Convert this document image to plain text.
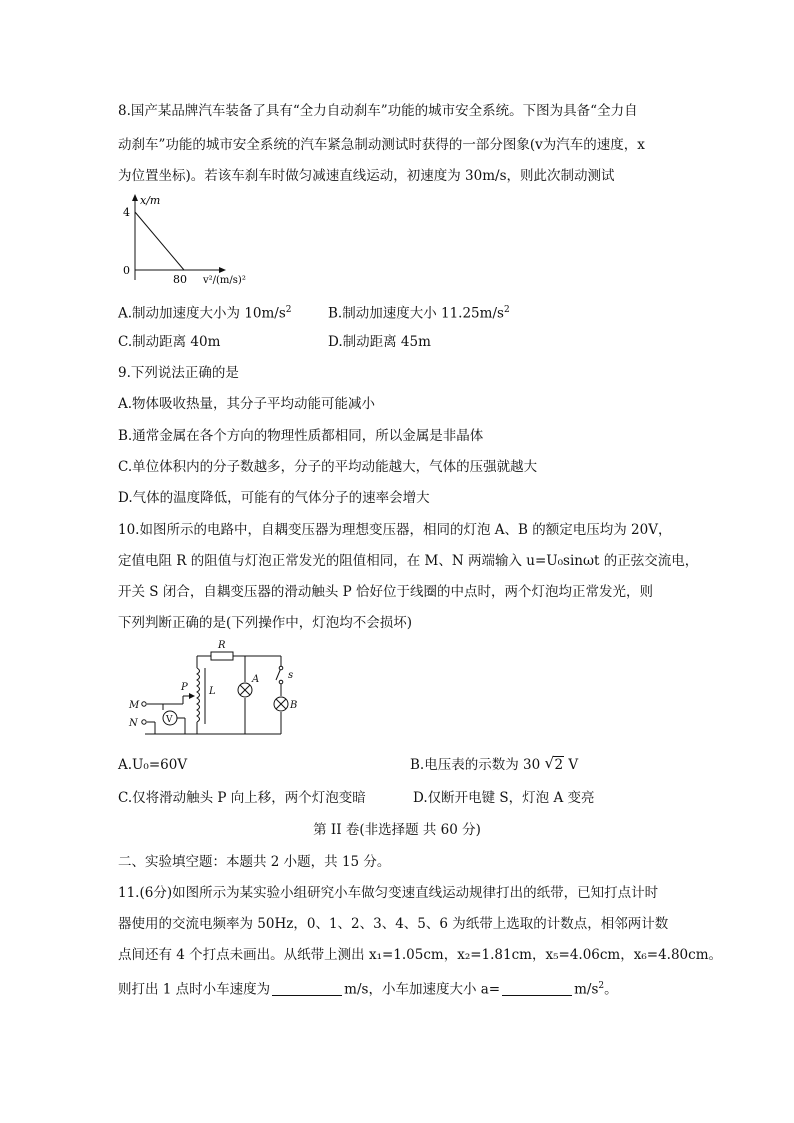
8.国产某品牌汽车装备了具有“全力自动刹车”功能的城市安全系统。下图为具备“全力自
动刹车”功能的城市安全系统的汽车紧急制动测试时获得的一部分图象(v为汽车的速度，x
为位置坐标)。若该车刹车时做匀减速直线运动，初速度为 30m/s，则此次制动测试
x/m
4
0
80 v²/(m/s)²
A.制动加速度大小为 $10m/s^2$	B.制动加速度大小 $11.25m/s^2$
C.制动距离 40m	D.制动距离 45m
9.下列说法正确的是
A.物体吸收热量，其分子平均动能可能减小
B.通常金属在各个方向的物理性质都相同，所以金属是非晶体
C.单位体积内的分子数越多，分子的平均动能越大，气体的压强就越大
D.气体的温度降低，可能有的气体分子的速率会增大
10.如图所示的电路中，自耦变压器为理想变压器，相同的灯泡 A、B 的额定电压均为 20V，
定值电阻 R 的阻值与灯泡正常发光的阻值相同，在 M、N 两端输入 u=U₀sinωt 的正弦交流电，
开关 S 闭合，自耦变压器的滑动触头 P 恰好位于线圈的中点时，两个灯泡均正常发光，则
下列判断正确的是(下列操作中，灯泡均不会损坏)
R
L
A	s
B
M
N
P
V
A.U₀=60V	B.电压表的示数为 30 √ 2 V
C.仅将滑动触头 P 向上移，两个灯泡变暗	D.仅断开电键 S，灯泡 A 变亮
第 II 卷(非选择题 共 60 分)
二、实验填空题：本题共 2 小题，共 15 分。
11.(6分)如图所示为某实验小组研究小车做匀变速直线运动规律打出的纸带，已知打点计时
器使用的交流电频率为 50Hz，0、1、2、3、4、5、6 为纸带上选取的计数点，相邻两计数
点间还有 4 个打点未画出。从纸带上测出 x₁=1.05cm，x₂=1.81cm，x₅=4.06cm，x₆=4.80cm。
则打出 1 点时小车速度为	m/s，小车加速度大小 a=	$m/s^2$。
